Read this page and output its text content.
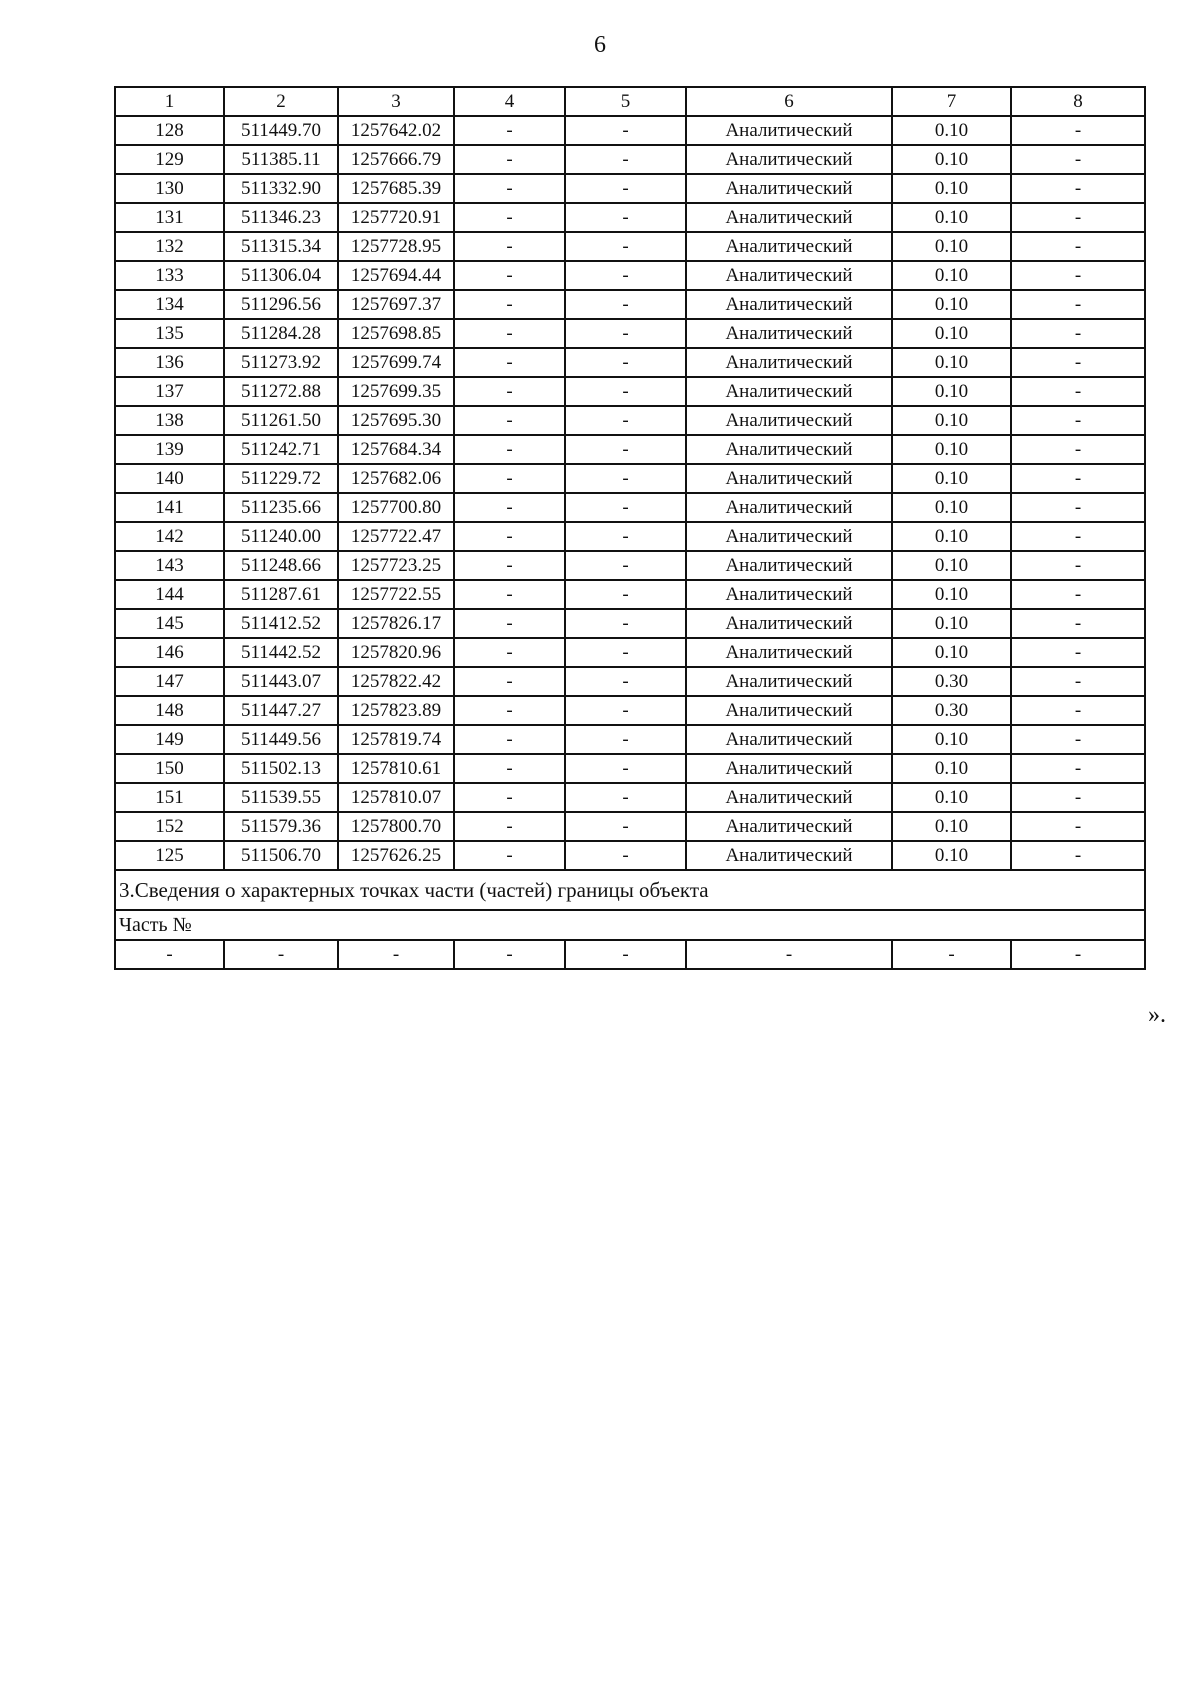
6
1	2	3	4	5	6	7	8
128	511449.70	1257642.02	-	-	Аналитический	0.10	-
129	511385.11	1257666.79	-	-	Аналитический	0.10	-
130	511332.90	1257685.39	-	-	Аналитический	0.10	-
131	511346.23	1257720.91	-	-	Аналитический	0.10	-
132	511315.34	1257728.95	-	-	Аналитический	0.10	-
133	511306.04	1257694.44	-	-	Аналитический	0.10	-
134	511296.56	1257697.37	-	-	Аналитический	0.10	-
135	511284.28	1257698.85	-	-	Аналитический	0.10	-
136	511273.92	1257699.74	-	-	Аналитический	0.10	-
137	511272.88	1257699.35	-	-	Аналитический	0.10	-
138	511261.50	1257695.30	-	-	Аналитический	0.10	-
139	511242.71	1257684.34	-	-	Аналитический	0.10	-
140	511229.72	1257682.06	-	-	Аналитический	0.10	-
141	511235.66	1257700.80	-	-	Аналитический	0.10	-
142	511240.00	1257722.47	-	-	Аналитический	0.10	-
143	511248.66	1257723.25	-	-	Аналитический	0.10	-
144	511287.61	1257722.55	-	-	Аналитический	0.10	-
145	511412.52	1257826.17	-	-	Аналитический	0.10	-
146	511442.52	1257820.96	-	-	Аналитический	0.10	-
147	511443.07	1257822.42	-	-	Аналитический	0.30	-
148	511447.27	1257823.89	-	-	Аналитический	0.30	-
149	511449.56	1257819.74	-	-	Аналитический	0.10	-
150	511502.13	1257810.61	-	-	Аналитический	0.10	-
151	511539.55	1257810.07	-	-	Аналитический	0.10	-
152	511579.36	1257800.70	-	-	Аналитический	0.10	-
125	511506.70	1257626.25	-	-	Аналитический	0.10	-
3.Сведения о характерных точках части (частей) границы объекта							
Часть №							
-	-	-	-	-	-	-	-
».
